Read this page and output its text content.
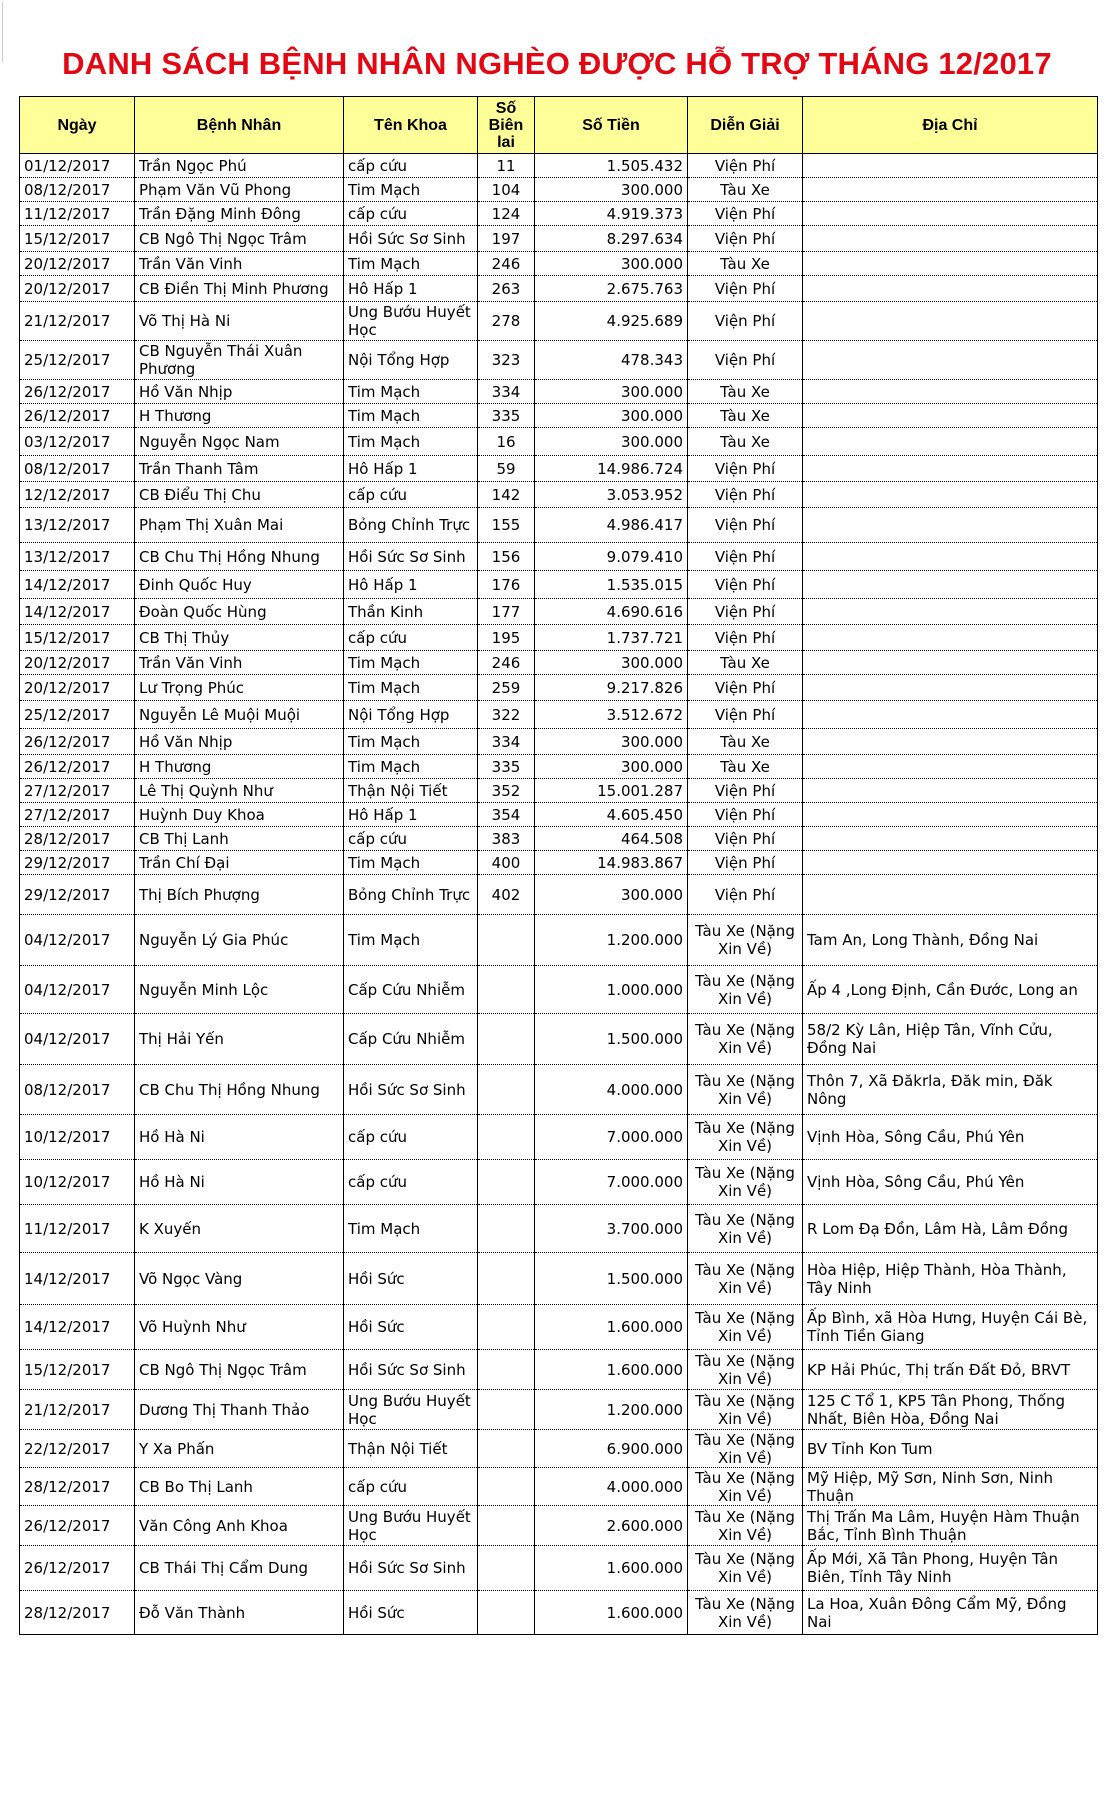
DANH SÁCH BỆNH NHÂN NGHÈO ĐƯỢC HỖ TRỢ THÁNG 12/2017
Ngày	Bệnh Nhân	Tên Khoa	Số Biên lai	Số Tiền	Diễn Giải	Địa Chỉ
01/12/2017	Trần Ngọc Phú	cấp cứu	11	1.505.432	Viện Phí	
08/12/2017	Phạm Văn Vũ Phong	Tim Mạch	104	300.000	Tàu Xe	
11/12/2017	Trần Đặng Minh Đông	cấp cứu	124	4.919.373	Viện Phí	
15/12/2017	CB Ngô Thị Ngọc Trâm	Hồi Sức Sơ Sinh	197	8.297.634	Viện Phí	
20/12/2017	Trần Văn Vinh	Tim Mạch	246	300.000	Tàu Xe	
20/12/2017	CB Điền Thị Minh Phương	Hô Hấp 1	263	2.675.763	Viện Phí	
21/12/2017	Võ Thị Hà Ni	Ung Bướu Huyết Học	278	4.925.689	Viện Phí	
25/12/2017	CB Nguyễn Thái Xuân Phương	Nội Tổng Hợp	323	478.343	Viện Phí	
26/12/2017	Hồ Văn Nhịp	Tim Mạch	334	300.000	Tàu Xe	
26/12/2017	H Thương	Tim Mạch	335	300.000	Tàu Xe	
03/12/2017	Nguyễn Ngọc Nam	Tim Mạch	16	300.000	Tàu Xe	
08/12/2017	Trần Thanh Tâm	Hô Hấp 1	59	14.986.724	Viện Phí	
12/12/2017	CB Điểu Thị Chu	cấp cứu	142	3.053.952	Viện Phí	
13/12/2017	Phạm Thị Xuân Mai	Bỏng Chỉnh Trực	155	4.986.417	Viện Phí	
13/12/2017	CB Chu Thị Hồng Nhung	Hồi Sức Sơ Sinh	156	9.079.410	Viện Phí	
14/12/2017	Đinh Quốc Huy	Hô Hấp 1	176	1.535.015	Viện Phí	
14/12/2017	Đoàn Quốc Hùng	Thần Kinh	177	4.690.616	Viện Phí	
15/12/2017	CB Thị Thủy	cấp cứu	195	1.737.721	Viện Phí	
20/12/2017	Trần Văn Vinh	Tim Mạch	246	300.000	Tàu Xe	
20/12/2017	Lư Trọng Phúc	Tim Mạch	259	9.217.826	Viện Phí	
25/12/2017	Nguyễn Lê Muội Muội	Nội Tổng Hợp	322	3.512.672	Viện Phí	
26/12/2017	Hồ Văn Nhịp	Tim Mạch	334	300.000	Tàu Xe	
26/12/2017	H Thương	Tim Mạch	335	300.000	Tàu Xe	
27/12/2017	Lê Thị Quỳnh Như	Thận Nội Tiết	352	15.001.287	Viện Phí	
27/12/2017	Huỳnh Duy Khoa	Hô Hấp 1	354	4.605.450	Viện Phí	
28/12/2017	CB Thị Lanh	cấp cứu	383	464.508	Viện Phí	
29/12/2017	Trần Chí Đại	Tim Mạch	400	14.983.867	Viện Phí	
29/12/2017	Thị Bích Phượng	Bỏng Chỉnh Trực	402	300.000	Viện Phí	
04/12/2017	Nguyễn Lý Gia Phúc	Tim Mạch		1.200.000	Tàu Xe (Nặng Xin Về)	Tam An, Long Thành, Đồng Nai
04/12/2017	Nguyễn Minh Lộc	Cấp Cứu Nhiễm		1.000.000	Tàu Xe (Nặng Xin Về)	Ấp 4 ,Long Định, Cần Đước, Long an
04/12/2017	Thị Hải Yến	Cấp Cứu Nhiễm		1.500.000	Tàu Xe (Nặng Xin Về)	58/2 Kỳ Lân, Hiệp Tân, Vĩnh Cửu, Đồng Nai
08/12/2017	CB Chu Thị Hồng Nhung	Hồi Sức Sơ Sinh		4.000.000	Tàu Xe (Nặng Xin Về)	Thôn 7, Xã Đăkrla, Đăk min, Đăk Nông
10/12/2017	Hồ Hà Ni	cấp cứu		7.000.000	Tàu Xe (Nặng Xin Về)	Vịnh Hòa, Sông Cầu, Phú Yên
10/12/2017	Hồ Hà Ni	cấp cứu		7.000.000	Tàu Xe (Nặng Xin Về)	Vịnh Hòa, Sông Cầu, Phú Yên
11/12/2017	K Xuyến	Tim Mạch		3.700.000	Tàu Xe (Nặng Xin Về)	R Lom Đạ Đồn, Lâm Hà, Lâm Đồng
14/12/2017	Võ Ngọc Vàng	Hồi Sức		1.500.000	Tàu Xe (Nặng Xin Về)	Hòa Hiệp, Hiệp Thành, Hòa Thành, Tây Ninh
14/12/2017	Võ Huỳnh Như	Hồi Sức		1.600.000	Tàu Xe (Nặng Xin Về)	Ấp Bình, xã Hòa Hưng, Huyện Cái Bè, Tỉnh Tiền Giang
15/12/2017	CB Ngô Thị Ngọc Trâm	Hồi Sức Sơ Sinh		1.600.000	Tàu Xe (Nặng Xin Về)	KP Hải Phúc, Thị trấn Đất Đỏ, BRVT
21/12/2017	Dương Thị Thanh Thảo	Ung Bướu Huyết Học		1.200.000	Tàu Xe (Nặng Xin Về)	125 C Tổ 1, KP5 Tân Phong, Thống Nhất, Biên Hòa, Đồng Nai
22/12/2017	Y Xa Phấn	Thận Nội Tiết		6.900.000	Tàu Xe (Nặng Xin Về)	BV Tỉnh Kon Tum
28/12/2017	CB Bo Thị Lanh	cấp cứu		4.000.000	Tàu Xe (Nặng Xin Về)	Mỹ Hiệp, Mỹ Sơn, Ninh Sơn, Ninh Thuận
26/12/2017	Văn Công Anh Khoa	Ung Bướu Huyết Học		2.600.000	Tàu Xe (Nặng Xin Về)	Thị Trấn Ma Lâm, Huyện Hàm Thuận Bắc, Tỉnh Bình Thuận
26/12/2017	CB Thái Thị Cẩm Dung	Hồi Sức Sơ Sinh		1.600.000	Tàu Xe (Nặng Xin Về)	Ấp Mới, Xã Tân Phong, Huyện Tân Biên, Tỉnh Tây Ninh
28/12/2017	Đỗ Văn Thành	Hồi Sức		1.600.000	Tàu Xe (Nặng Xin Về)	La Hoa, Xuân Đông Cẩm Mỹ, Đồng Nai
